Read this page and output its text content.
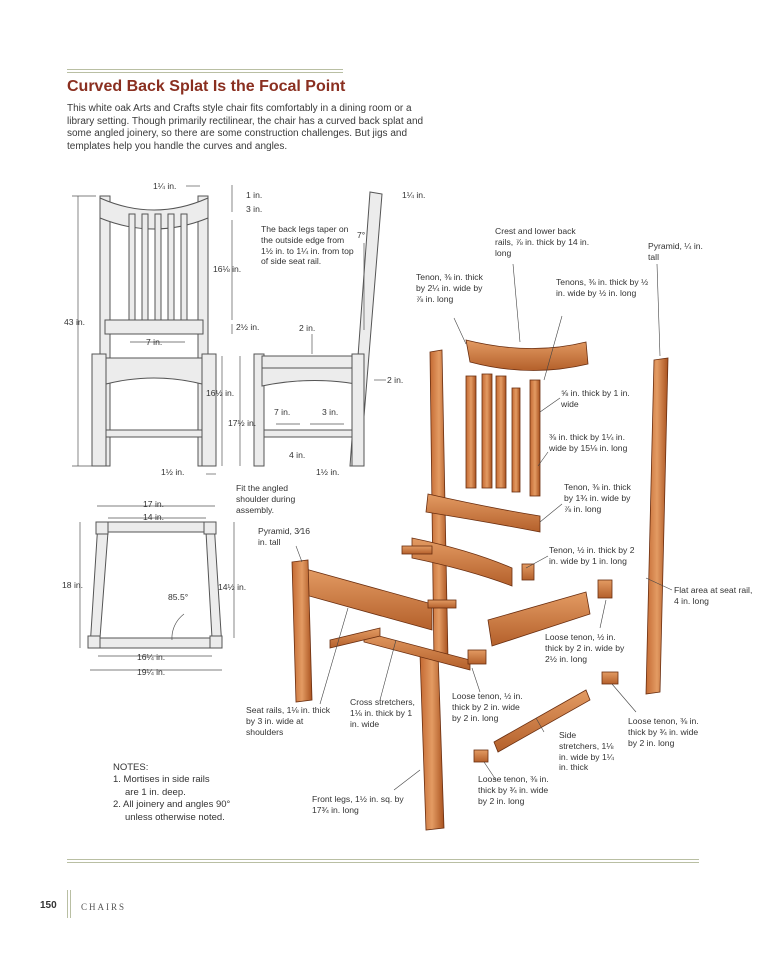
Curved Back Splat Is the Focal Point
This white oak Arts and Crafts style chair fits comfortably in a dining room or a library setting. Though primarily rectilinear, the chair has a curved back splat and some angled joinery, so there are some construction challenges. But jigs and templates help you handle the curves and angles.
1¼ in.
1 in.
3 in.
43 in.
16⅛ in.
2½ in.
7 in.
16½ in.
1½ in.
1¼ in.
7°
The back legs taper on the outside edge from 1½ in. to 1¼ in. from top of side seat rail.
2 in.
2 in.
17½ in.
7 in.	3 in.
4 in.
1½ in.
17 in.
14 in.
18 in.	14½ in.
85.5°
16¼ in.
19¼ in.
Crest and lower back rails, ⅞ in. thick by 14 in. long
Pyramid, ¼ in. tall
Tenon, ⅜ in. thick by 2¼ in. wide by ⅞ in. long
Tenons, ⅜ in. thick by ½ in. wide by ½ in. long
⅝ in. thick by 1 in. wide
⅜ in. thick by 1¼ in. wide by 15⅛ in. long
Tenon, ⅜ in. thick by 1¾ in. wide by ⅞ in. long
Fit the angled shoulder during assembly.
Pyramid, 3⁄16 in. tall
Tenon, ½ in. thick by 2 in. wide by 1 in. long
Flat area at seat rail, 4 in. long
Loose tenon, ½ in. thick by 2 in. wide by 2½ in. long
Loose tenon, ⅜ in. thick by ¾ in. wide by 2 in. long
Loose tenon, ½ in. thick by 2 in. wide by 2 in. long
Seat rails, 1⅛ in. thick by 3 in. wide at shoulders
Cross stretchers, 1⅛ in. thick by 1 in. wide
Side stretchers, 1⅛ in. wide by 1¼ in. thick
Loose tenon, ⅜ in. thick by ¾ in. wide by 2 in. long
Front legs, 1½ in. sq. by 17¾ in. long
NOTES:
1. Mortises in side rails
are 1 in. deep.
2. All joinery and angles 90°
unless otherwise noted.
150	CHAIRS
